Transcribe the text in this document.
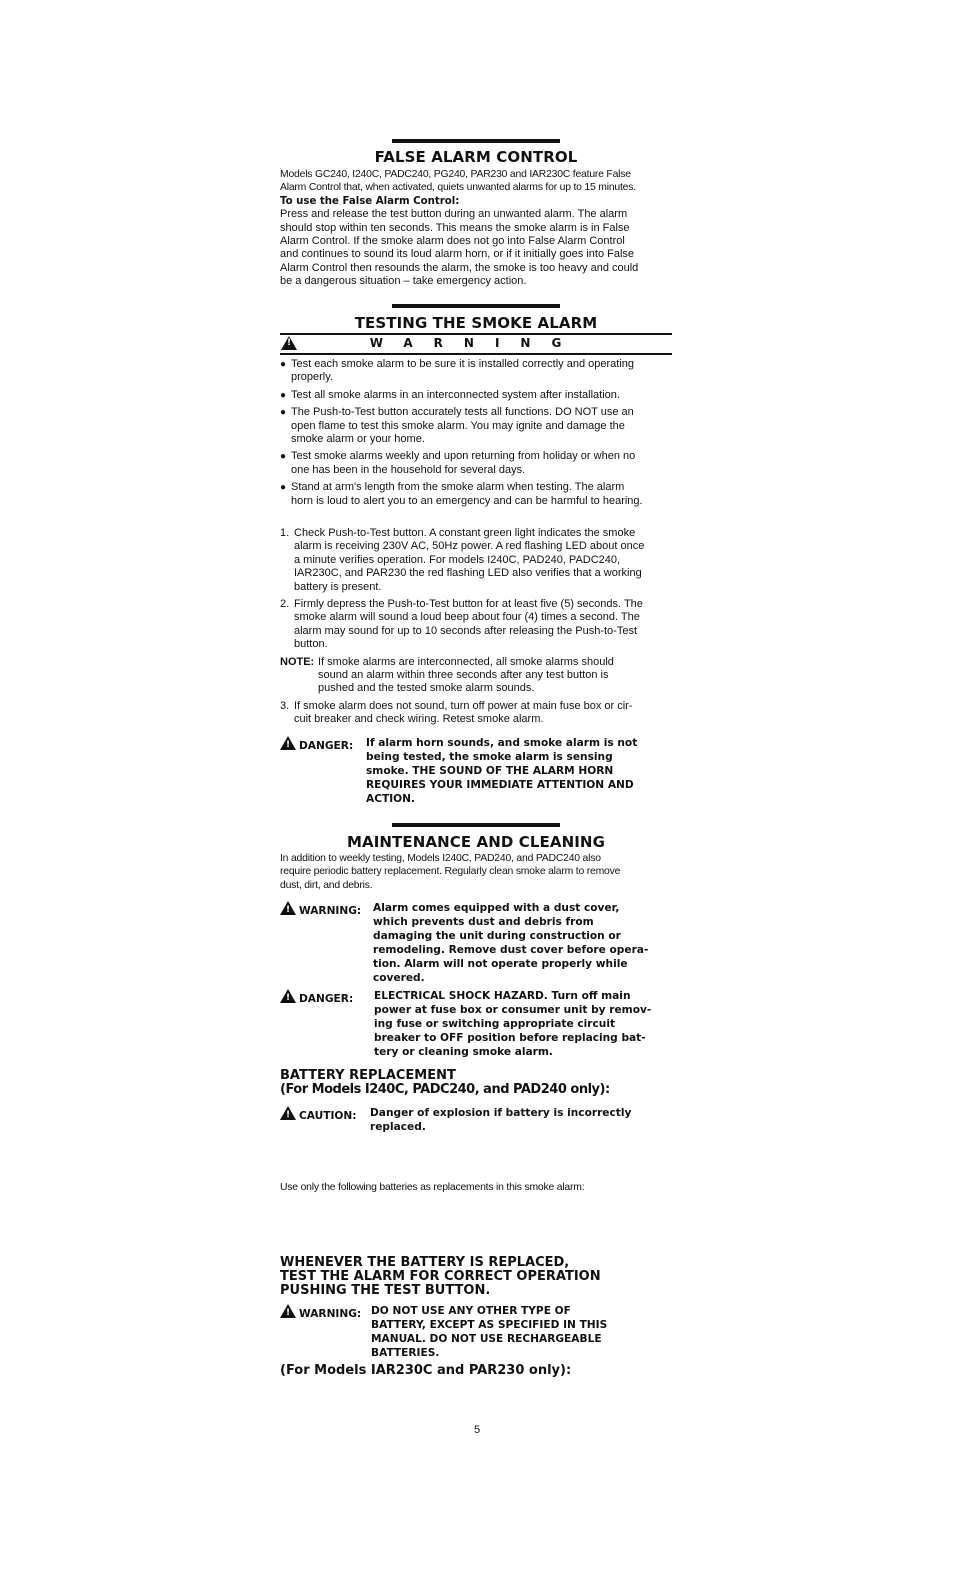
FALSE ALARM CONTROL
Models GC240, I240C, PADC240, PG240, PAR230 and IAR230C feature False
Alarm Control that, when activated, quiets unwanted alarms for up to 15 minutes.
To use the False Alarm Control:
Press and release the test button during an unwanted alarm. The alarm
should stop within ten seconds. This means the smoke alarm is in False
Alarm Control. If the smoke alarm does not go into False Alarm Control
and continues to sound its loud alarm horn, or if it initially goes into False
Alarm Control then resounds the alarm, the smoke is too heavy and could
be a dangerous situation – take emergency action.
TESTING THE SMOKE ALARM
!
WARNING
● Test each smoke alarm to be sure it is installed correctly and operating
properly.
● Test all smoke alarms in an interconnected system after installation.
● The Push-to-Test button accurately tests all functions. DO NOT use an
open flame to test this smoke alarm. You may ignite and damage the
smoke alarm or your home.
● Test smoke alarms weekly and upon returning from holiday or when no
one has been in the household for several days.
● Stand at arm's length from the smoke alarm when testing. The alarm
horn is loud to alert you to an emergency and can be harmful to hearing.
1. Check Push-to-Test button. A constant green light indicates the smoke
alarm is receiving 230V AC, 50Hz power. A red flashing LED about once
a minute verifies operation. For models I240C, PAD240, PADC240,
IAR230C, and PAR230 the red flashing LED also verifies that a working
battery is present.
2. Firmly depress the Push-to-Test button for at least five (5) seconds. The
smoke alarm will sound a loud beep about four (4) times a second. The
alarm may sound for up to 10 seconds after releasing the Push-to-Test
button.
NOTE: If smoke alarms are interconnected, all smoke alarms should
sound an alarm within three seconds after any test button is
pushed and the tested smoke alarm sounds.
3. If smoke alarm does not sound, turn off power at main fuse box or cir-
cuit breaker and check wiring. Retest smoke alarm.
!DANGER: If alarm horn sounds, and smoke alarm is not
being tested, the smoke alarm is sensing
smoke. THE SOUND OF THE ALARM HORN
REQUIRES YOUR IMMEDIATE ATTENTION AND
ACTION.
MAINTENANCE AND CLEANING
In addition to weekly testing, Models I240C, PAD240, and PADC240 also
require periodic battery replacement. Regularly clean smoke alarm to remove
dust, dirt, and debris.
!WARNING: Alarm comes equipped with a dust cover,
which prevents dust and debris from
damaging the unit during construction or
remodeling. Remove dust cover before opera-
tion. Alarm will not operate properly while
covered.
!DANGER: ELECTRICAL SHOCK HAZARD. Turn off main
power at fuse box or consumer unit by remov-
ing fuse or switching appropriate circuit
breaker to OFF position before replacing bat-
tery or cleaning smoke alarm.
BATTERY REPLACEMENT
(For Models I240C, PADC240, and PAD240 only):
!CAUTION: Danger of explosion if battery is incorrectly
replaced.
Use only the following batteries as replacements in this smoke alarm:
WHENEVER THE BATTERY IS REPLACED,
TEST THE ALARM FOR CORRECT OPERATION
PUSHING THE TEST BUTTON.
!WARNING: DO NOT USE ANY OTHER TYPE OF
BATTERY, EXCEPT AS SPECIFIED IN THIS
MANUAL. DO NOT USE RECHARGEABLE
BATTERIES.
(For Models IAR230C and PAR230 only):
5
